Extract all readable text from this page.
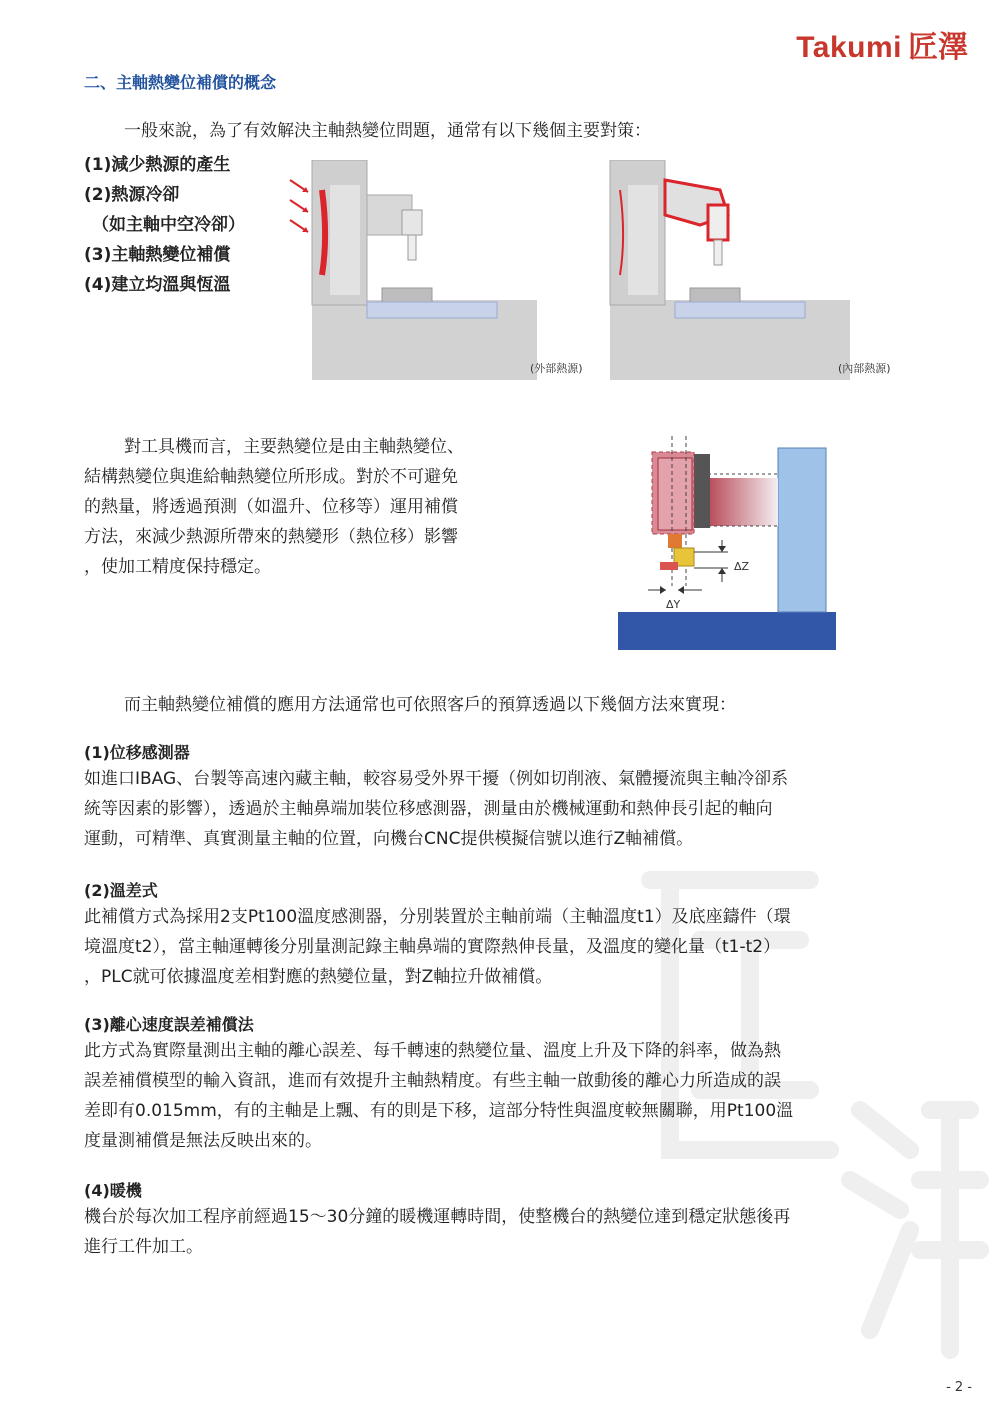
Takumi 匠澤
二、主軸熱變位補償的概念
一般來說，為了有效解決主軸熱變位問題，通常有以下幾個主要對策：
(1)減少熱源的產生
(2)熱源冷卻
（如主軸中空冷卻）
(3)主軸熱變位補償
(4)建立均溫與恆溫
(外部熱源)	(內部熱源)
對工具機而言，主要熱變位是由主軸熱變位、
結構熱變位與進給軸熱變位所形成。對於不可避免
的熱量，將透過預測（如溫升、位移等）運用補償
方法，來減少熱源所帶來的熱變形（熱位移）影響
，使加工精度保持穩定。	ΔZ
ΔY
而主軸熱變位補償的應用方法通常也可依照客戶的預算透過以下幾個方法來實現：
(1)位移感測器
如進口IBAG、台製等高速內藏主軸，較容易受外界干擾（例如切削液、氣體擾流與主軸冷卻系
統等因素的影響），透過於主軸鼻端加裝位移感測器，測量由於機械運動和熱伸長引起的軸向
運動，可精準、真實測量主軸的位置，向機台CNC提供模擬信號以進行Z軸補償。
(2)溫差式
此補償方式為採用2支Pt100溫度感測器，分別裝置於主軸前端（主軸溫度t1）及底座鑄件（環
境溫度t2），當主軸運轉後分別量測記錄主軸鼻端的實際熱伸長量，及溫度的變化量（t1-t2）
，PLC就可依據溫度差相對應的熱變位量，對Z軸拉升做補償。
(3)離心速度誤差補償法
此方式為實際量測出主軸的離心誤差、每千轉速的熱變位量、溫度上升及下降的斜率，做為熱
誤差補償模型的輸入資訊，進而有效提升主軸熱精度。有些主軸一啟動後的離心力所造成的誤
差即有0.015mm，有的主軸是上飄、有的則是下移，這部分特性與溫度較無關聯，用Pt100溫
度量測補償是無法反映出來的。
(4)暖機
機台於每次加工程序前經過15～30分鐘的暖機運轉時間，使整機台的熱變位達到穩定狀態後再
進行工件加工。
- 2 -
